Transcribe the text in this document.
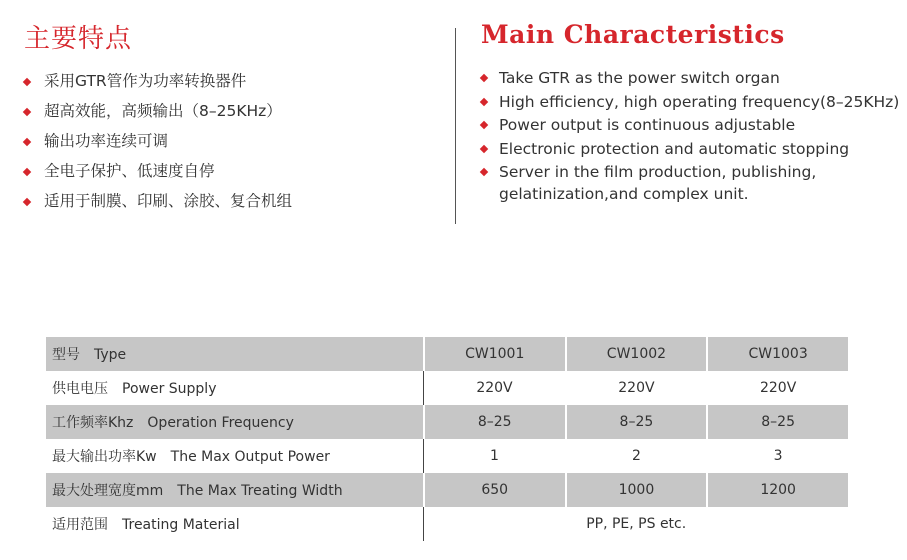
主要特点	Main Characteristics
采用GTR管作为功率转换器件
超高效能，高频输出（8–25KHz）
输出功率连续可调
全电子保护、低速度自停
适用于制膜、印刷、涂胶、复合机组
Take GTR as the power switch organ
High efficiency, high operating frequency(8–25KHz)
Power output is continuous adjustable
Electronic protection and automatic stopping
Server in the film production, publishing, gelatinization,and complex unit.
型号 Type	CW1001	CW1002	CW1003
供电电压 Power Supply	220V	220V	220V
工作频率Khz Operation Frequency	8–25	8–25	8–25
最大输出功率Kw The Max Output Power	1	2	3
最大处理宽度mm The Max Treating Width	650	1000	1200
适用范围 Treating Material	PP, PE, PS etc.		
